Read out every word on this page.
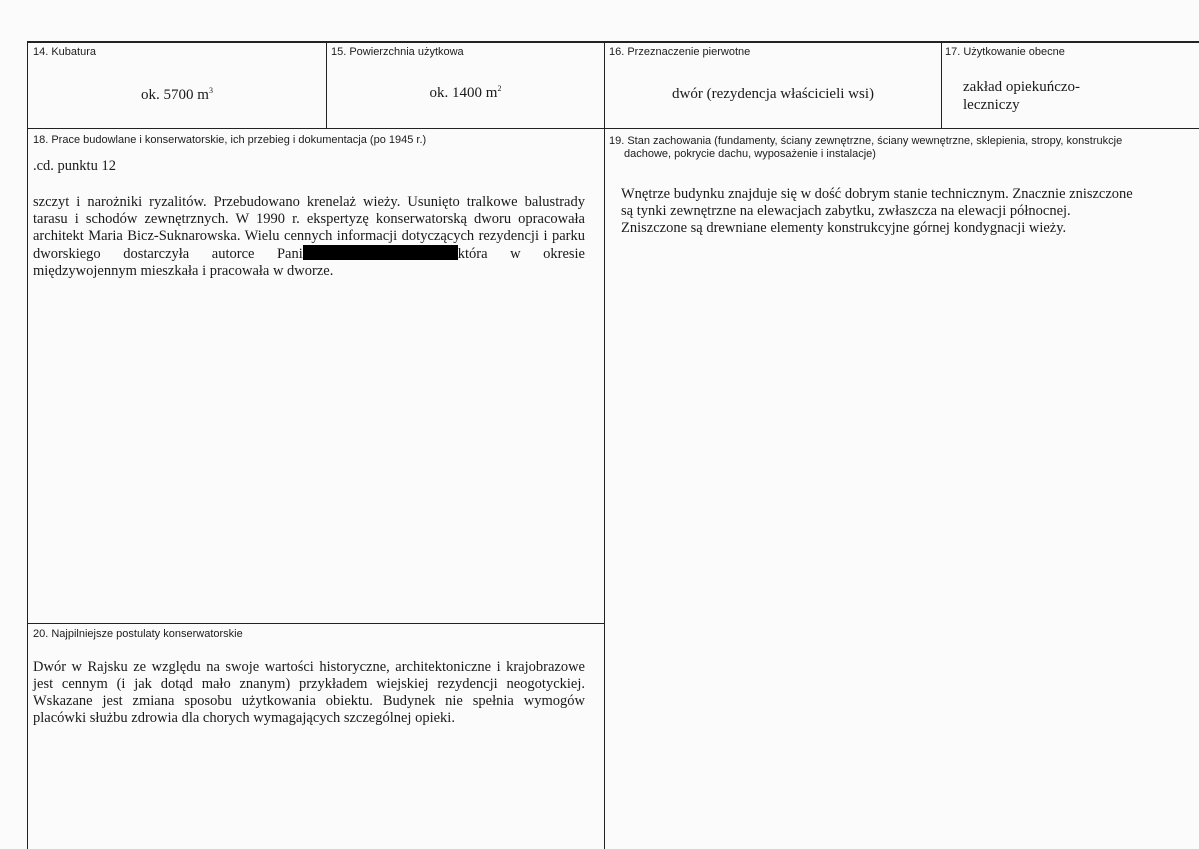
14. Kubatura
ok. 5700 $m^3$
15. Powierzchnia użytkowa
ok. 1400 $m^2$
16. Przeznaczenie pierwotne
dwór (rezydencja właścicieli wsi)
17. Użytkowanie obecne
zakład opiekuńczo-
leczniczy
18. Prace budowlane i konserwatorskie, ich przebieg i dokumentacja (po 1945 r.)
.cd. punktu 12
szczyt i narożniki ryzalitów. Przebudowano krenelaż wieży. Usunięto tralkowe balustrady tarasu i schodów zewnętrznych. W 1990 r. ekspertyzę konserwatorską dworu opracowała architekt Maria Bicz-Suknarowska. Wielu cennych informacji dotyczących rezydencji i parku dworskiego dostarczyła autorce Pani	która w okresie międzywojennym mieszkała i pracowała w dworze.
19. Stan zachowania (fundamenty, ściany zewnętrzne, ściany wewnętrzne, sklepienia, stropy, konstrukcje
dachowe, pokrycie dachu, wyposażenie i instalacje)
Wnętrze budynku znajduje się w dość dobrym stanie technicznym. Znacznie zniszczone są tynki zewnętrzne na elewacjach zabytku, zwłaszcza na elewacji północnej. Zniszczone są drewniane elementy konstrukcyjne górnej kondygnacji wieży.
20. Najpilniejsze postulaty konserwatorskie
Dwór w Rajsku ze względu na swoje wartości historyczne, architektoniczne i krajobrazowe jest cennym (i jak dotąd mało znanym) przykładem wiejskiej rezydencji neogotyckiej. Wskazane jest zmiana sposobu użytkowania obiektu. Budynek nie spełnia wymogów placówki służbu zdrowia dla chorych wymagających szczególnej opieki.
